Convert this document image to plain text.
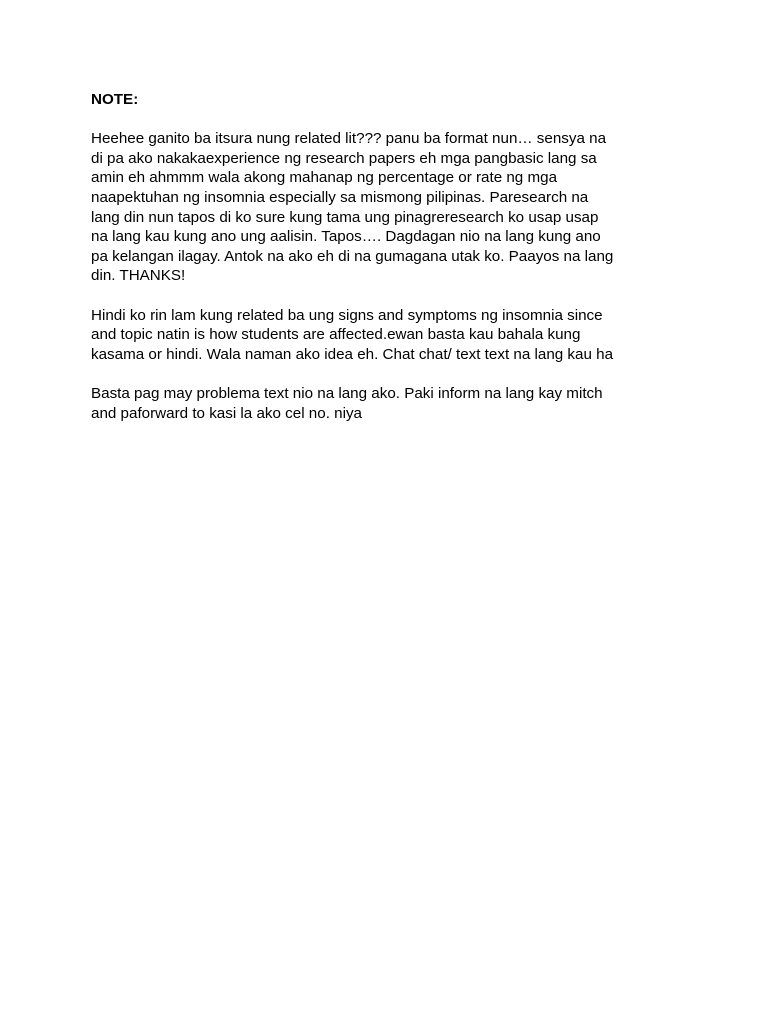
NOTE:
Heehee ganito ba itsura nung related lit??? panu ba format nun… sensya na
di pa ako nakakaexperience ng research papers eh mga pangbasic lang sa
amin eh ahmmm wala akong mahanap ng percentage or rate ng mga
naapektuhan ng insomnia especially sa mismong pilipinas. Paresearch na
lang din nun tapos di ko sure kung tama ung pinagreresearch ko usap usap
na lang kau kung ano ung aalisin. Tapos…. Dagdagan nio na lang kung ano
pa kelangan ilagay. Antok na ako eh di na gumagana utak ko. Paayos na lang
din. THANKS!
Hindi ko rin lam kung related ba ung signs and symptoms ng insomnia since
and topic natin is how students are affected.ewan basta kau bahala kung
kasama or hindi. Wala naman ako idea eh. Chat chat/ text text na lang kau ha
Basta pag may problema text nio na lang ako. Paki inform na lang kay mitch
and paforward to kasi la ako cel no. niya
